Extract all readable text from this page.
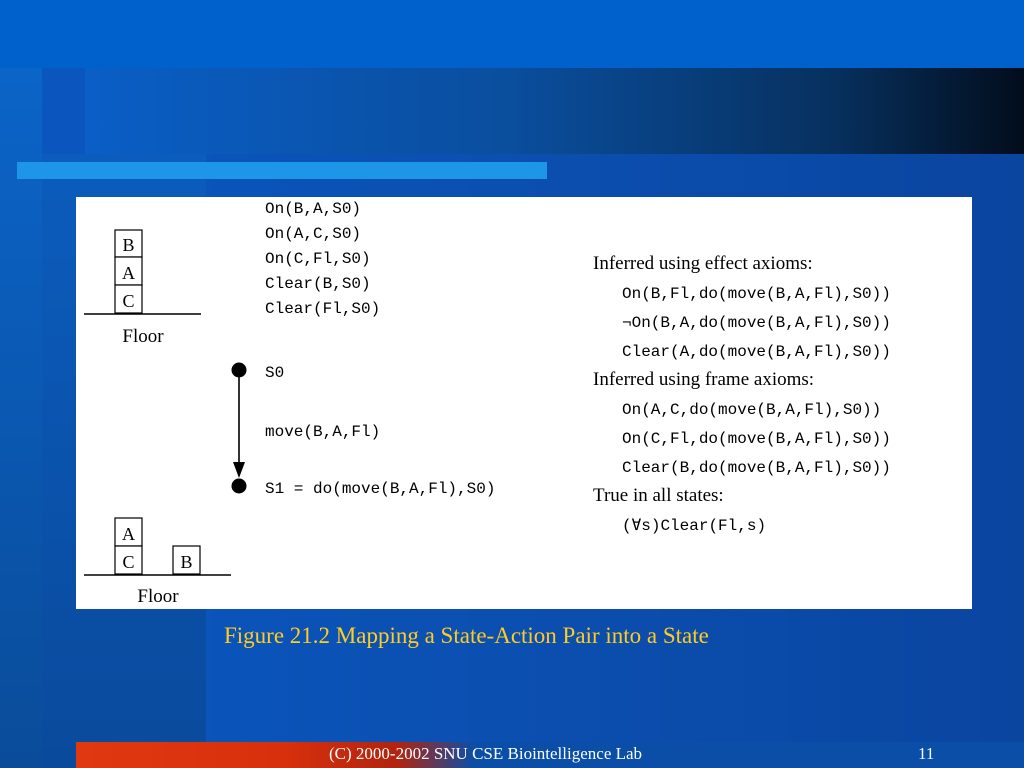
B
A
C
Floor
On(B,A,S0)
On(A,C,S0)
On(C,Fl,S0)
Clear(B,S0)
Clear(Fl,S0)
S0
move(B,A,Fl)
S1 = do(move(B,A,Fl),S0)
A
C	B
Floor
Inferred using effect axioms:
On(B,Fl,do(move(B,A,Fl),S0))
¬On(B,A,do(move(B,A,Fl),S0))
Clear(A,do(move(B,A,Fl),S0))
Inferred using frame axioms:
On(A,C,do(move(B,A,Fl),S0))
On(C,Fl,do(move(B,A,Fl),S0))
Clear(B,do(move(B,A,Fl),S0))
True in all states:
(∀s)Clear(Fl,s)
Figure 21.2 Mapping a State-Action Pair into a State
(C) 2000-2002 SNU CSE Biointelligence Lab	11
